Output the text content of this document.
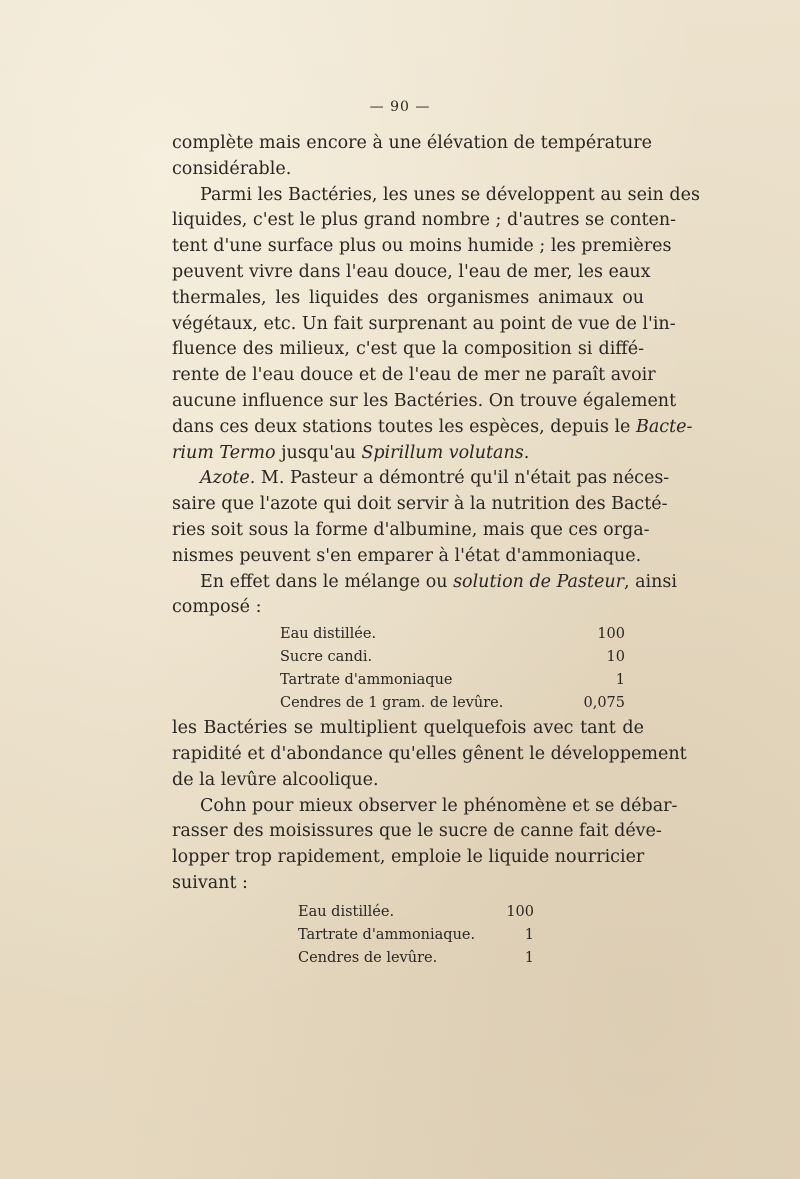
— 90 —
complète mais encore à une élévation de température
considérable.
Parmi les Bactéries, les unes se développent au sein des
liquides, c'est le plus grand nombre ; d'autres se conten-
tent d'une surface plus ou moins humide ; les premières
peuvent vivre dans l'eau douce, l'eau de mer, les eaux
thermales, les liquides des organismes animaux ou
végétaux, etc. Un fait surprenant au point de vue de l'in-
fluence des milieux, c'est que la composition si diffé-
rente de l'eau douce et de l'eau de mer ne paraît avoir
aucune influence sur les Bactéries. On trouve également
dans ces deux stations toutes les espèces, depuis le Bacte-
rium Termo jusqu'au Spirillum volutans.
Azote. M. Pasteur a démontré qu'il n'était pas néces-
saire que l'azote qui doit servir à la nutrition des Bacté-
ries soit sous la forme d'albumine, mais que ces orga-
nismes peuvent s'en emparer à l'état d'ammoniaque.
En effet dans le mélange ou solution de Pasteur, ainsi
composé :
Eau distillée.	100
Sucre candi.	10
Tartrate d'ammoniaque	1
Cendres de 1 gram. de levûre.	0,075
les Bactéries se multiplient quelquefois avec tant de
rapidité et d'abondance qu'elles gênent le développement
de la levûre alcoolique.
Cohn pour mieux observer le phénomène et se débar-
rasser des moisissures que le sucre de canne fait déve-
lopper trop rapidement, emploie le liquide nourricier
suivant :
Eau distillée.	100
Tartrate d'ammoniaque.	1
Cendres de levûre.	1
